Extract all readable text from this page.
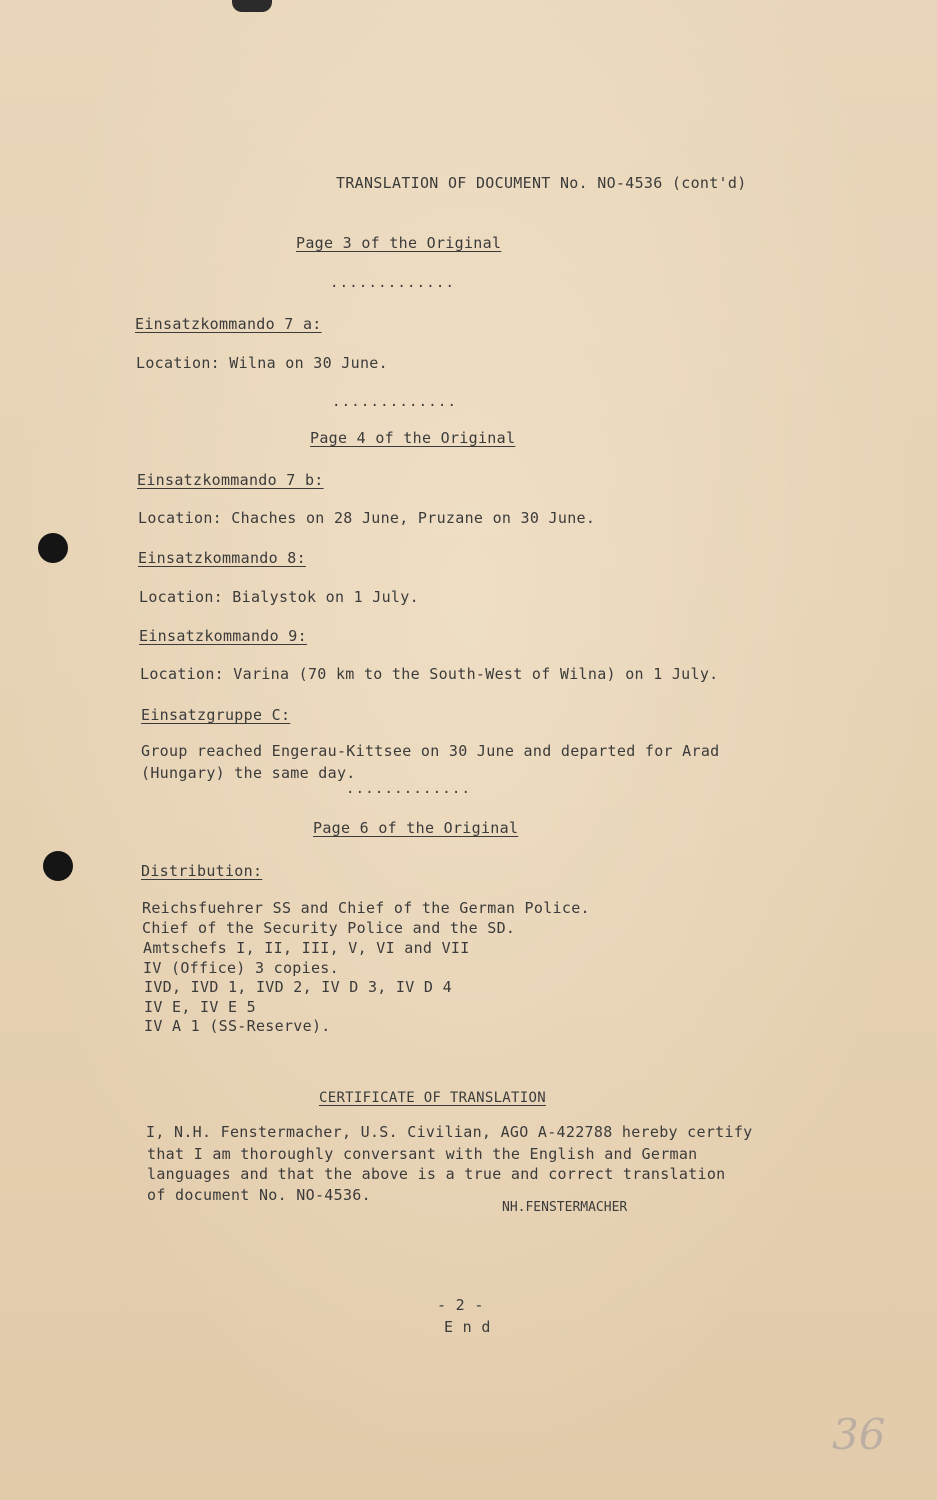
TRANSLATION OF DOCUMENT No. NO-4536 (cont'd)
Page 3 of the Original
.............
Einsatzkommando 7 a:
Location: Wilna on 30 June.
.............
Page 4 of the Original
Einsatzkommando 7 b:
Location: Chaches on 28 June, Pruzane on 30 June.
Einsatzkommando 8:
Location: Bialystok on 1 July.
Einsatzkommando 9:
Location: Varina (70 km to the South-West of Wilna) on 1 July.
Einsatzgruppe C:
Group reached Engerau-Kittsee on 30 June and departed for Arad
(Hungary) the same day.
.............
Page 6 of the Original
Distribution:
Reichsfuehrer SS and Chief of the German Police.
Chief of the Security Police and the SD.
Amtschefs I, II, III, V, VI and VII
IV (Office) 3 copies.
IVD, IVD 1, IVD 2, IV D 3, IV D 4
IV E, IV E 5
IV A 1 (SS-Reserve).
CERTIFICATE OF TRANSLATION
I, N.H. Fenstermacher, U.S. Civilian, AGO A-422788 hereby certify
that I am thoroughly conversant with the English and German
languages and that the above is a true and correct translation
of document No. NO-4536.
NH.FENSTERMACHER
- 2 -
E n d
36
